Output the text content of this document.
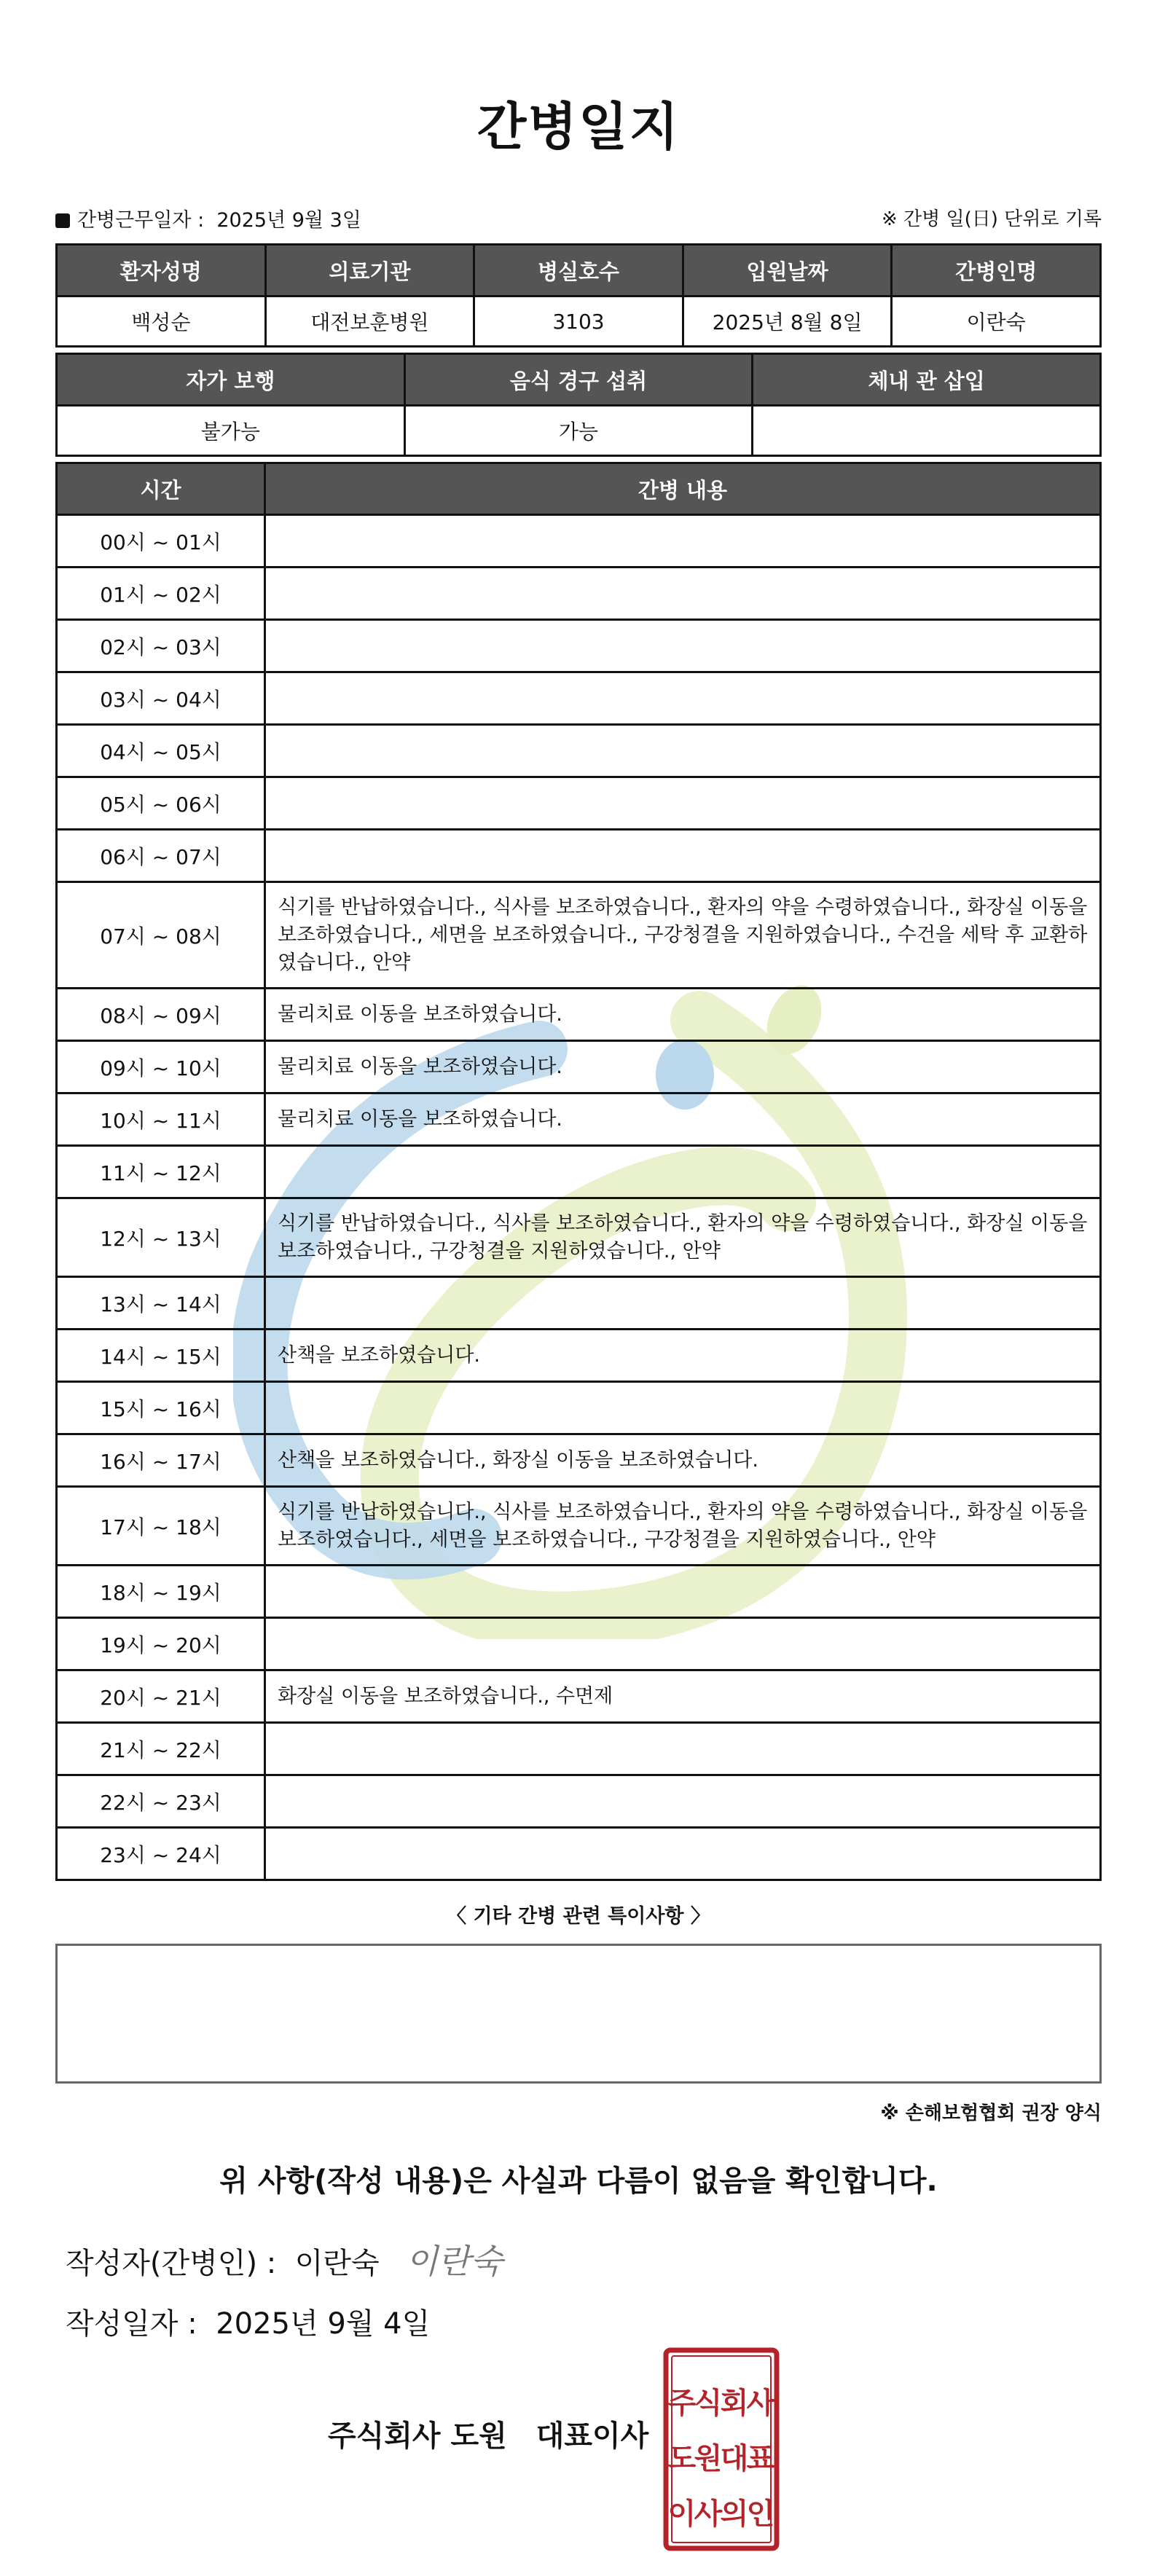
간병일지
간병근무일자 : 2025년 9월 3일	※ 간병 일(日) 단위로 기록
환자성명	의료기관	병실호수	입원날짜	간병인명
백성순	대전보훈병원	3103	2025년 8월 8일	이란숙
자가 보행	음식 경구 섭취	체내 관 삽입
불가능	가능	
시간	간병 내용
00시 ~ 01시	
01시 ~ 02시	
02시 ~ 03시	
03시 ~ 04시	
04시 ~ 05시	
05시 ~ 06시	
06시 ~ 07시	
07시 ~ 08시	식기를 반납하였습니다., 식사를 보조하였습니다., 환자의 약을 수령하였습니다., 화장실 이동을 보조하였습니다., 세면을 보조하였습니다., 구강청결을 지원하였습니다., 수건을 세탁 후 교환하였습니다., 안약
08시 ~ 09시	물리치료 이동을 보조하였습니다.
09시 ~ 10시	물리치료 이동을 보조하였습니다.
10시 ~ 11시	물리치료 이동을 보조하였습니다.
11시 ~ 12시	
12시 ~ 13시	식기를 반납하였습니다., 식사를 보조하였습니다., 환자의 약을 수령하였습니다., 화장실 이동을 보조하였습니다., 구강청결을 지원하였습니다., 안약
13시 ~ 14시	
14시 ~ 15시	산책을 보조하였습니다.
15시 ~ 16시	
16시 ~ 17시	산책을 보조하였습니다., 화장실 이동을 보조하였습니다.
17시 ~ 18시	식기를 반납하였습니다., 식사를 보조하였습니다., 환자의 약을 수령하였습니다., 화장실 이동을 보조하였습니다., 세면을 보조하였습니다., 구강청결을 지원하였습니다., 안약
18시 ~ 19시	
19시 ~ 20시	
20시 ~ 21시	화장실 이동을 보조하였습니다., 수면제
21시 ~ 22시	
22시 ~ 23시	
23시 ~ 24시	
〈 기타 간병 관련 특이사항 〉
※ 손해보험협회 권장 양식
위 사항(작성 내용)은 사실과 다름이 없음을 확인합니다.
작성자(간병인) : 이란숙 이란숙
작성일자 : 2025년 9월 4일
주식회사 도원　대표이사
주
식
회
사
도
원
대
표
이
사
의
인
